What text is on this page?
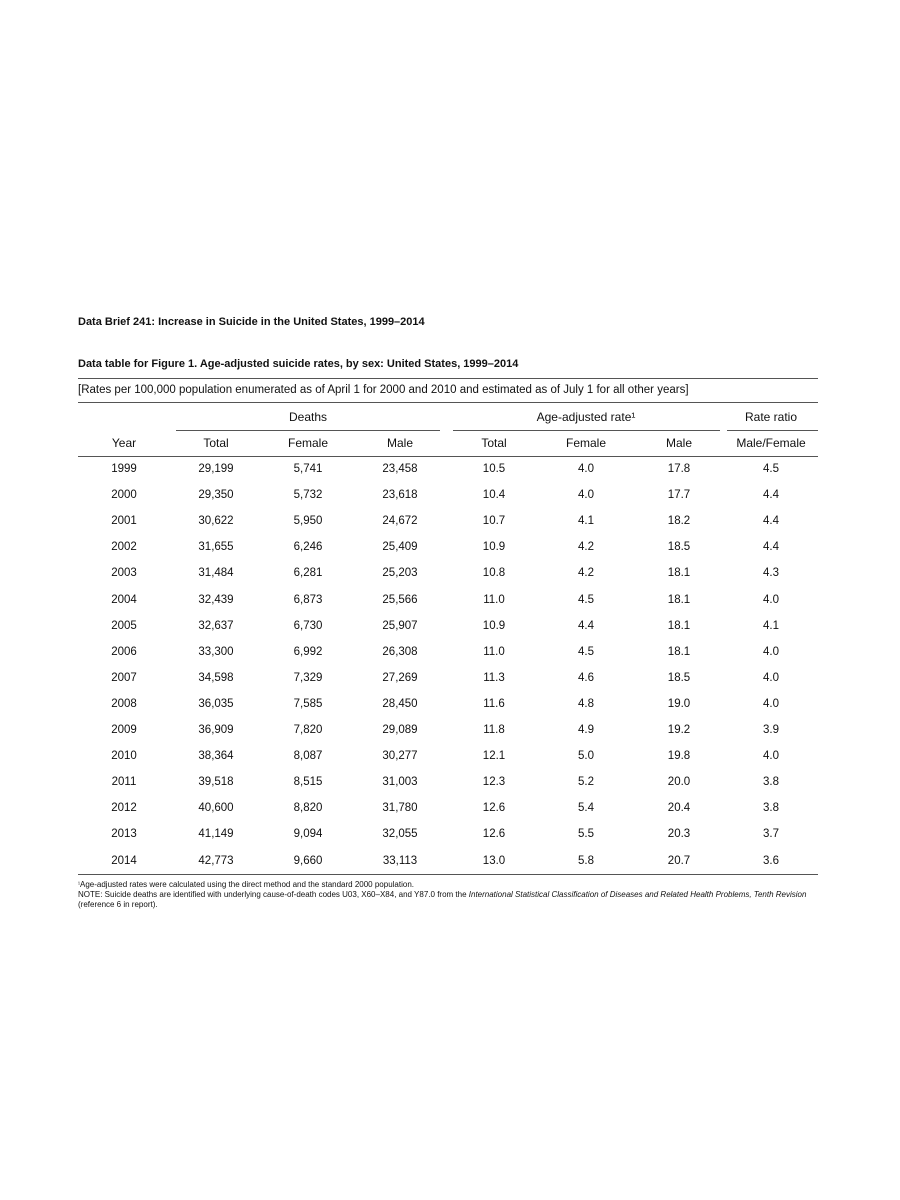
Data Brief 241: Increase in Suicide in the United States, 1999–2014
Data table for Figure 1. Age-adjusted suicide rates, by sex: United States, 1999–2014
[Rates per 100,000 population enumerated as of April 1 for 2000 and 2010 and estimated as of July 1 for all other years]
Deaths	Age-adjusted rate¹	Rate ratio
Year	Total	Female	Male	Total	Female	Male	Male/Female
1999	29,199	5,741	23,458	10.5	4.0	17.8	4.5
2000	29,350	5,732	23,618	10.4	4.0	17.7	4.4
2001	30,622	5,950	24,672	10.7	4.1	18.2	4.4
2002	31,655	6,246	25,409	10.9	4.2	18.5	4.4
2003	31,484	6,281	25,203	10.8	4.2	18.1	4.3
2004	32,439	6,873	25,566	11.0	4.5	18.1	4.0
2005	32,637	6,730	25,907	10.9	4.4	18.1	4.1
2006	33,300	6,992	26,308	11.0	4.5	18.1	4.0
2007	34,598	7,329	27,269	11.3	4.6	18.5	4.0
2008	36,035	7,585	28,450	11.6	4.8	19.0	4.0
2009	36,909	7,820	29,089	11.8	4.9	19.2	3.9
2010	38,364	8,087	30,277	12.1	5.0	19.8	4.0
2011	39,518	8,515	31,003	12.3	5.2	20.0	3.8
2012	40,600	8,820	31,780	12.6	5.4	20.4	3.8
2013	41,149	9,094	32,055	12.6	5.5	20.3	3.7
2014	42,773	9,660	33,113	13.0	5.8	20.7	3.6

$^{^1}$Age-adjusted rates were calculated using the direct method and the standard 2000 population.

NOTE: Suicide deaths are identified with underlying cause-of-death codes U03, X60–X84, and Y87.0 from the International Statistical Classification of Diseases and Related Health Problems, Tenth Revision (reference 6 in report).
